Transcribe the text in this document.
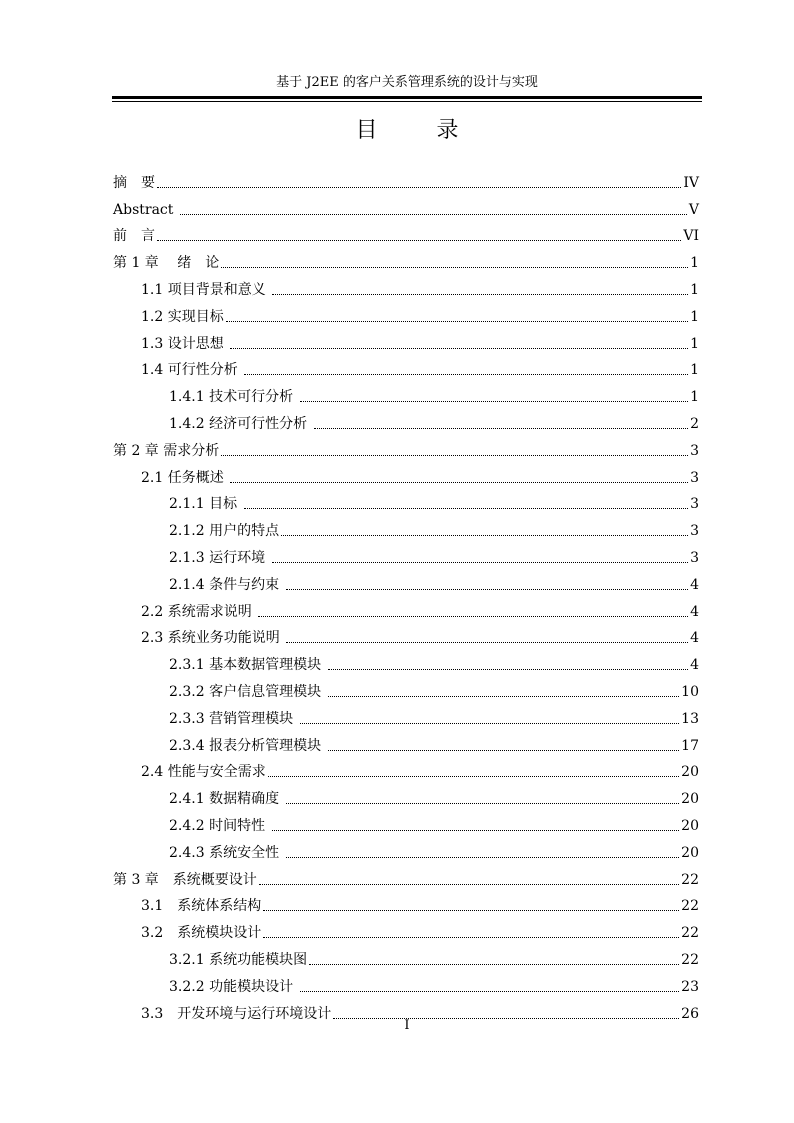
基于 J2EE 的客户关系管理系统的设计与实现
目 录
摘　要	IV
Abstract	V
前　言	VI
第 1 章　 绪　论	1
1.1 项目背景和意义	1
1.2 实现目标	1
1.3 设计思想	1
1.4 可行性分析	1
1.4.1 技术可行分析	1
1.4.2 经济可行性分析	2
第 2 章 需求分析	3
2.1 任务概述	3
2.1.1 目标	3
2.1.2 用户的特点	3
2.1.3 运行环境	3
2.1.4 条件与约束	4
2.2 系统需求说明	4
2.3 系统业务功能说明	4
2.3.1 基本数据管理模块	4
2.3.2 客户信息管理模块	10
2.3.3 营销管理模块	13
2.3.4 报表分析管理模块	17
2.4 性能与安全需求	20
2.4.1 数据精确度	20
2.4.2 时间特性	20
2.4.3 系统安全性	20
第 3 章　系统概要设计	22
3.1　系统体系结构	22
3.2　系统模块设计	22
3.2.1 系统功能模块图	22
3.2.2 功能模块设计	23
3.3　开发环境与运行环境设计	26
I
